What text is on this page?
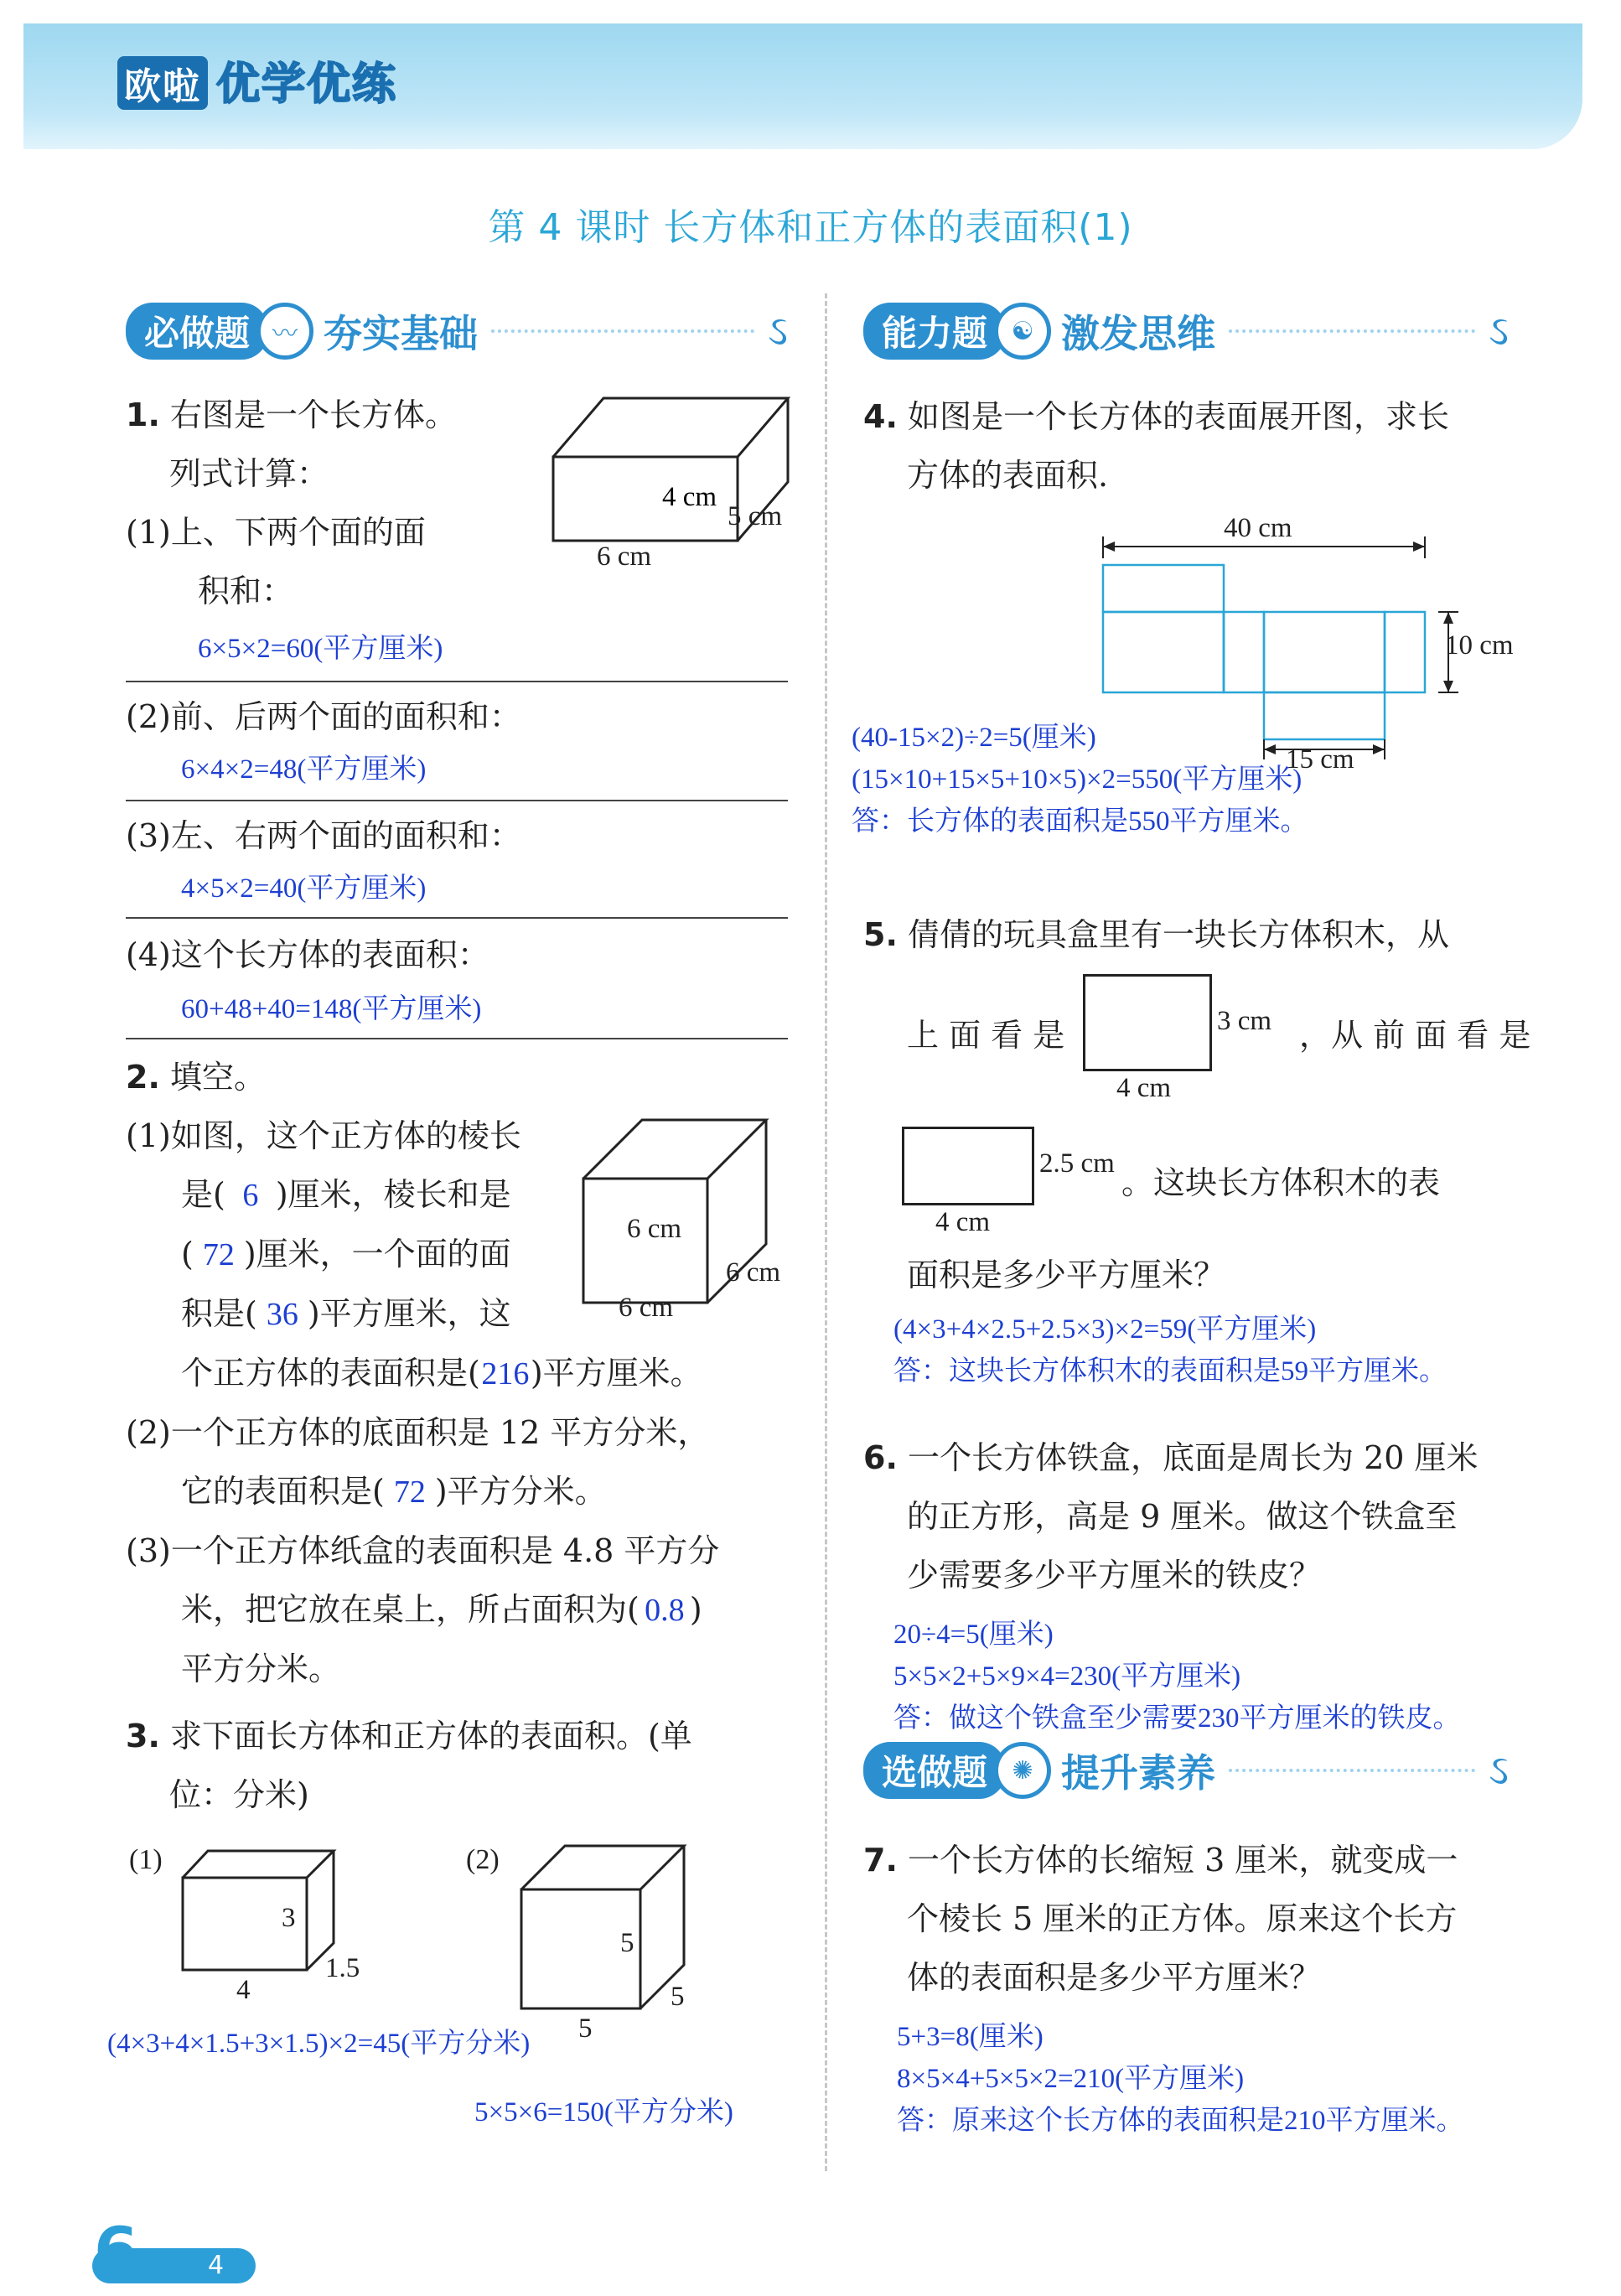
欧啦 优学优练
第 4 课时 长方体和正方体的表面积(1)
必做题 〰 夯实基础	ઽ	能力题 ☯ 激发思维	ઽ
选做题 ✺ 提升素养	ઽ
1. 右图是一个长方体。
列式计算：
(1)上、下两个面的面
积和：
4 cm
5 cm
6 cm
6×5×2=60(平方厘米)
(2)前、后两个面的面积和：
6×4×2=48(平方厘米)
(3)左、右两个面的面积和：
4×5×2=40(平方厘米)
(4)这个长方体的表面积：
60+48+40=148(平方厘米)
2. 填空。
(1)如图，这个正方体的棱长
是( 6 )厘米，棱长和是
( 72 )厘米，一个面的面
积是( 36 )平方厘米，这
个正方体的表面积是(216)平方厘米。
(2)一个正方体的底面积是 12 平方分米，
它的表面积是( 72 )平方分米。
(3)一个正方体纸盒的表面积是 4.8 平方分
米，把它放在桌上，所占面积为( 0.8 )
平方分米。
6 cm
6 cm
6 cm
3. 求下面长方体和正方体的表面积。(单
位：分米)
(1)
3
1.5
4
(2)
5
5
5
(4×3+4×1.5+3×1.5)×2=45(平方分米)
5×5×6=150(平方分米)
4. 如图是一个长方体的表面展开图，求长
方体的表面积.
40 cm
10 cm
15 cm
(40-15×2)÷2=5(厘米)
(15×10+15×5+10×5)×2=550(平方厘米)
答：长方体的表面积是550平方厘米。
5. 倩倩的玩具盒里有一块长方体积木，从
上 面 看 是	3 cm ，从 前 面 看 是
4 cm
2.5 cm
。这块长方体积木的表
4 cm
面积是多少平方厘米？
(4×3+4×2.5+2.5×3)×2=59(平方厘米)
答：这块长方体积木的表面积是59平方厘米。
6. 一个长方体铁盒，底面是周长为 20 厘米
的正方形，高是 9 厘米。做这个铁盒至
少需要多少平方厘米的铁皮？
20÷4=5(厘米)
5×5×2+5×9×4=230(平方厘米)
答：做这个铁盒至少需要230平方厘米的铁皮。
7. 一个长方体的长缩短 3 厘米，就变成一
个棱长 5 厘米的正方体。原来这个长方
体的表面积是多少平方厘米？
5+3=8(厘米)
8×5×4+5×5×2=210(平方厘米)
答：原来这个长方体的表面积是210平方厘米。
4
6
